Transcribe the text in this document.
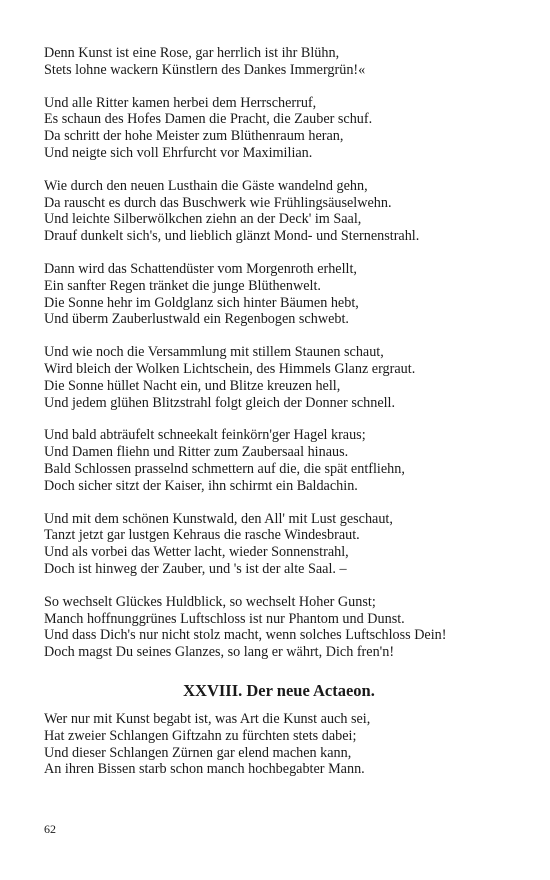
Denn Kunst ist eine Rose, gar herrlich ist ihr Blühn,
Stets lohne wackern Künstlern des Dankes Immergrün!«
Und alle Ritter kamen herbei dem Herrscherruf,
Es schaun des Hofes Damen die Pracht, die Zauber schuf.
Da schritt der hohe Meister zum Blüthenraum heran,
Und neigte sich voll Ehrfurcht vor Maximilian.
Wie durch den neuen Lusthain die Gäste wandelnd gehn,
Da rauscht es durch das Buschwerk wie Frühlingsäuselwehn.
Und leichte Silberwölkchen ziehn an der Deck' im Saal,
Drauf dunkelt sich's, und lieblich glänzt Mond- und Sternenstrahl.
Dann wird das Schattendüster vom Morgenroth erhellt,
Ein sanfter Regen tränket die junge Blüthenwelt.
Die Sonne hehr im Goldglanz sich hinter Bäumen hebt,
Und überm Zauberlustwald ein Regenbogen schwebt.
Und wie noch die Versammlung mit stillem Staunen schaut,
Wird bleich der Wolken Lichtschein, des Himmels Glanz ergraut.
Die Sonne hüllet Nacht ein, und Blitze kreuzen hell,
Und jedem glühen Blitzstrahl folgt gleich der Donner schnell.
Und bald abträufelt schneekalt feinkörn'ger Hagel kraus;
Und Damen fliehn und Ritter zum Zaubersaal hinaus.
Bald Schlossen prasselnd schmettern auf die, die spät entfliehn,
Doch sicher sitzt der Kaiser, ihn schirmt ein Baldachin.
Und mit dem schönen Kunstwald, den All' mit Lust geschaut,
Tanzt jetzt gar lustgen Kehraus die rasche Windesbraut.
Und als vorbei das Wetter lacht, wieder Sonnenstrahl,
Doch ist hinweg der Zauber, und 's ist der alte Saal. –
So wechselt Glückes Huldblick, so wechselt Hoher Gunst;
Manch hoffnunggrünes Luftschloss ist nur Phantom und Dunst.
Und dass Dich's nur nicht stolz macht, wenn solches Luftschloss Dein!
Doch magst Du seines Glanzes, so lang er währt, Dich fren'n!
XXVIII. Der neue Actaeon.
Wer nur mit Kunst begabt ist, was Art die Kunst auch sei,
Hat zweier Schlangen Giftzahn zu fürchten stets dabei;
Und dieser Schlangen Zürnen gar elend machen kann,
An ihren Bissen starb schon manch hochbegabter Mann.
62
